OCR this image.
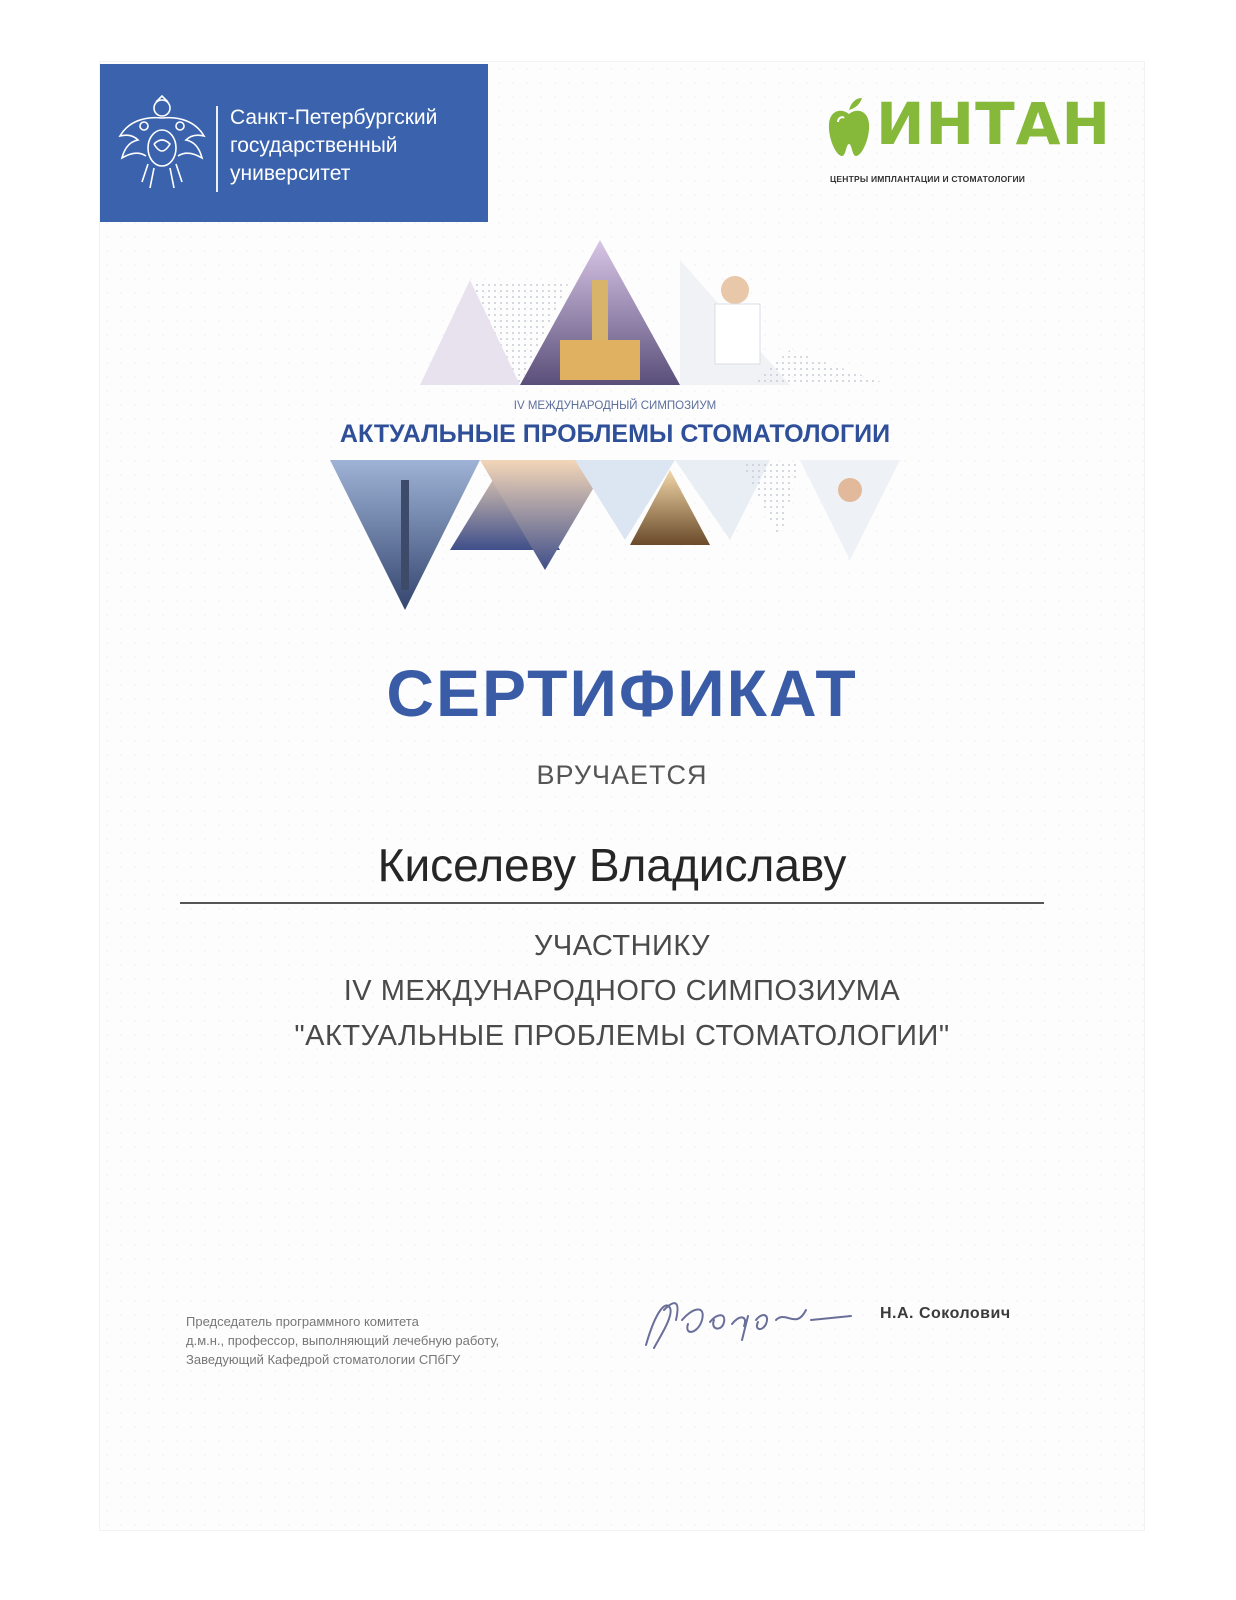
Санкт-Петербургский
государственный
университет
ИНТАН
ЦЕНТРЫ ИМПЛАНТАЦИИ И СТОМАТОЛОГИИ
IV МЕЖДУНАРОДНЫЙ СИМПОЗИУМ
АКТУАЛЬНЫЕ ПРОБЛЕМЫ СТОМАТОЛОГИИ
СЕРТИФИКАТ
ВРУЧАЕТСЯ
Киселеву Владиславу
УЧАСТНИКУ
IV МЕЖДУНАРОДНОГО СИМПОЗИУМА
"АКТУАЛЬНЫЕ ПРОБЛЕМЫ СТОМАТОЛОГИИ"
Председатель программного комитета
д.м.н., профессор, выполняющий лечебную работу,
Заведующий Кафедрой стоматологии СПбГУ
Н.А. Соколович
